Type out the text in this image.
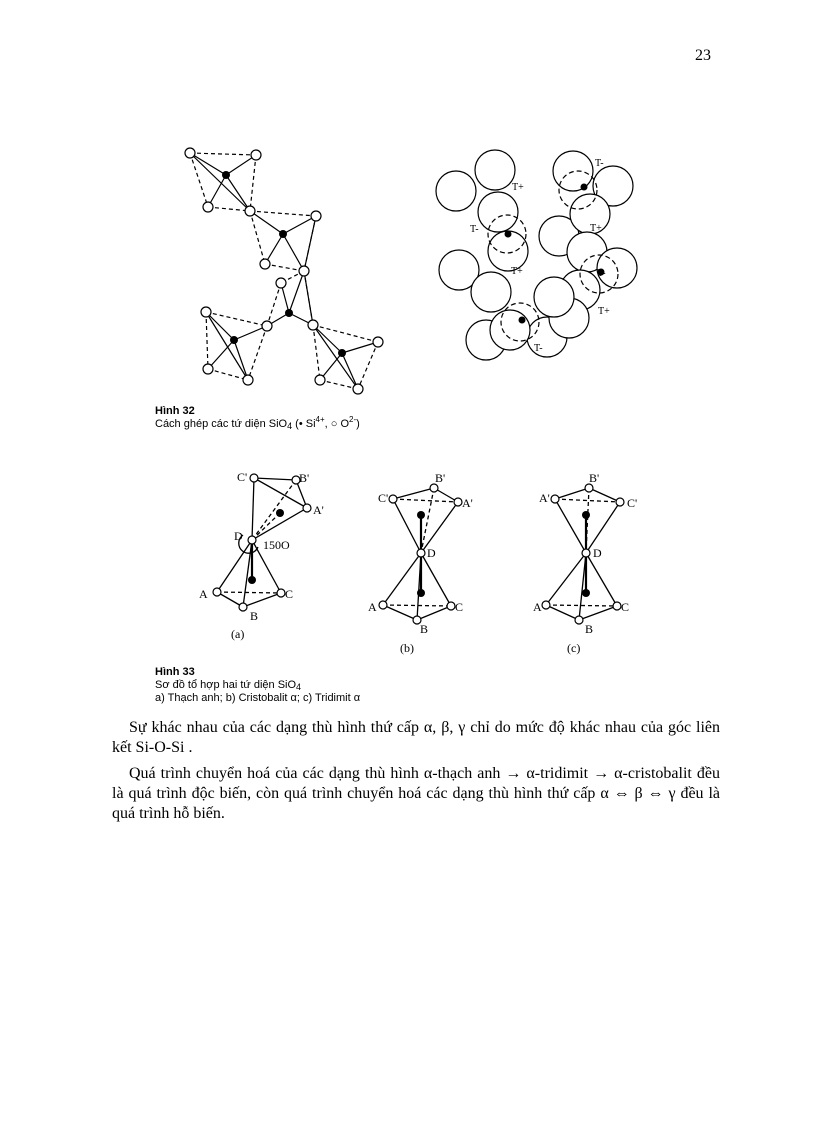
23
T-
T+
T-	T+
T+	T-
T+
T-
Hình 32
Cách ghép các tứ diện SiO$_4$ (• $Si^{4+}$, ○ $O^{2-}$)
C'	B'
A'
D
150O
A
B
C
(a)
B'
C'	A'
D
A
B
C
(b)
B'
A'	C'
D
A
B
C
(c)
Hình 33
Sơ đồ tổ hợp hai tứ diện SiO$_4$
a) Thạch anh; b) Cristobalit α; c) Tridimit α

Sự khác nhau của các dạng thù hình thứ cấp α, β, γ chỉ do mức độ khác nhau của góc liên kết Si-O-Si .

Quá trình chuyển hoá của các dạng thù hình α-thạch anh → α-tridimit → α-cristobalit đều là quá trình độc biến, còn quá trình chuyển hoá các dạng thù hình thứ cấp α ⇔ β ⇔ γ đều là quá trình hỗ biến.
